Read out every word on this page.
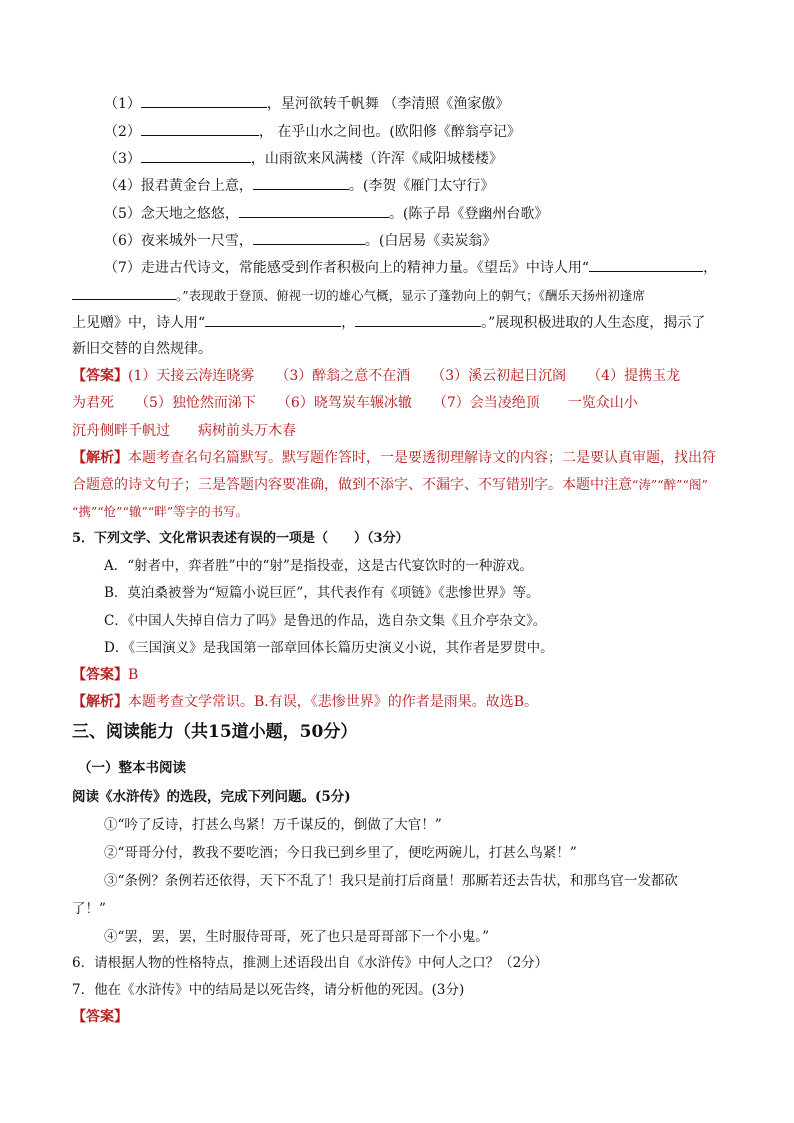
（1）	，星河欲转千帆舞 （李清照《渔家傲》
（2）	， 在乎山水之间也。(欧阳修《醉翁亭记》
（3）	，山雨欲来风满楼（许浑《咸阳城楼楼》
（4）报君黄金台上意，	。(李贺《雁门太守行》
（5）念天地之悠悠，	。(陈子昂《登幽州台歌》
（6）夜来城外一尺雪，	。(白居易《卖炭翁》
（7）走进古代诗文，常能感受到作者积极向上的精神力量。《望岳》中诗人用“	，
。”表现敢于登顶、俯视一切的雄心气概，显示了蓬勃向上的朝气；《酬乐天扬州初逢席
上见赠》中，诗人用“	，	。”展现积极进取的人生态度，揭示了
新旧交替的自然规律。
【答案】(1）天接云涛连晓雾　　（3）醉翁之意不在酒　　（3）溪云初起日沉阁　　（4）提携玉龙
为君死　　（5）独怆然而涕下　　（6）晓驾炭车辗冰辙　　（7）会当凌绝顶　　一览众山小
沉舟侧畔千帆过　　病树前头万木春
【解析】本题考查名句名篇默写。默写题作答时，一是要透彻理解诗文的内容；二是要认真审题，找出符
合题意的诗文句子；三是答题内容要准确，做到不添字、不漏字、不写错别字。本题中注意“涛”“醉”“阁”
“携”“怆”“辙”“畔”等字的书写。
5．下列文学、文化常识表述有误的一项是（　　）（3分）
A．“射者中，弈者胜”中的“射”是指投壶，这是古代宴饮时的一种游戏。
B．莫泊桑被誉为“短篇小说巨匠”，其代表作有《项链》《悲惨世界》等。
C．《中国人失掉自信力了吗》是鲁迅的作品，选自杂文集《且介亭杂文》。
D．《三国演义》是我国第一部章回体长篇历史演义小说，其作者是罗贯中。
【答案】B
【解析】本题考查文学常识。B.有误，《悲惨世界》的作者是雨果。故选B。
三、阅读能力（共15道小题，50分）
（一）整本书阅读
阅读《水浒传》的选段，完成下列问题。(5分)
①“吟了反诗，打甚么鸟紧！万千谋反的，倒做了大官！”
②“哥哥分付，教我不要吃酒；今日我已到乡里了，便吃两碗儿，打甚么鸟紧！”
③“条例？条例若还依得，天下不乱了！我只是前打后商量！那厮若还去告状，和那鸟官一发都砍
了！”
④“罢，罢，罢，生时服侍哥哥，死了也只是哥哥部下一个小鬼。”
6．请根据人物的性格特点，推测上述语段出自《水浒传》中何人之口？（2分）
7．他在《水浒传》中的结局是以死告终，请分析他的死因。(3分)
【答案】
